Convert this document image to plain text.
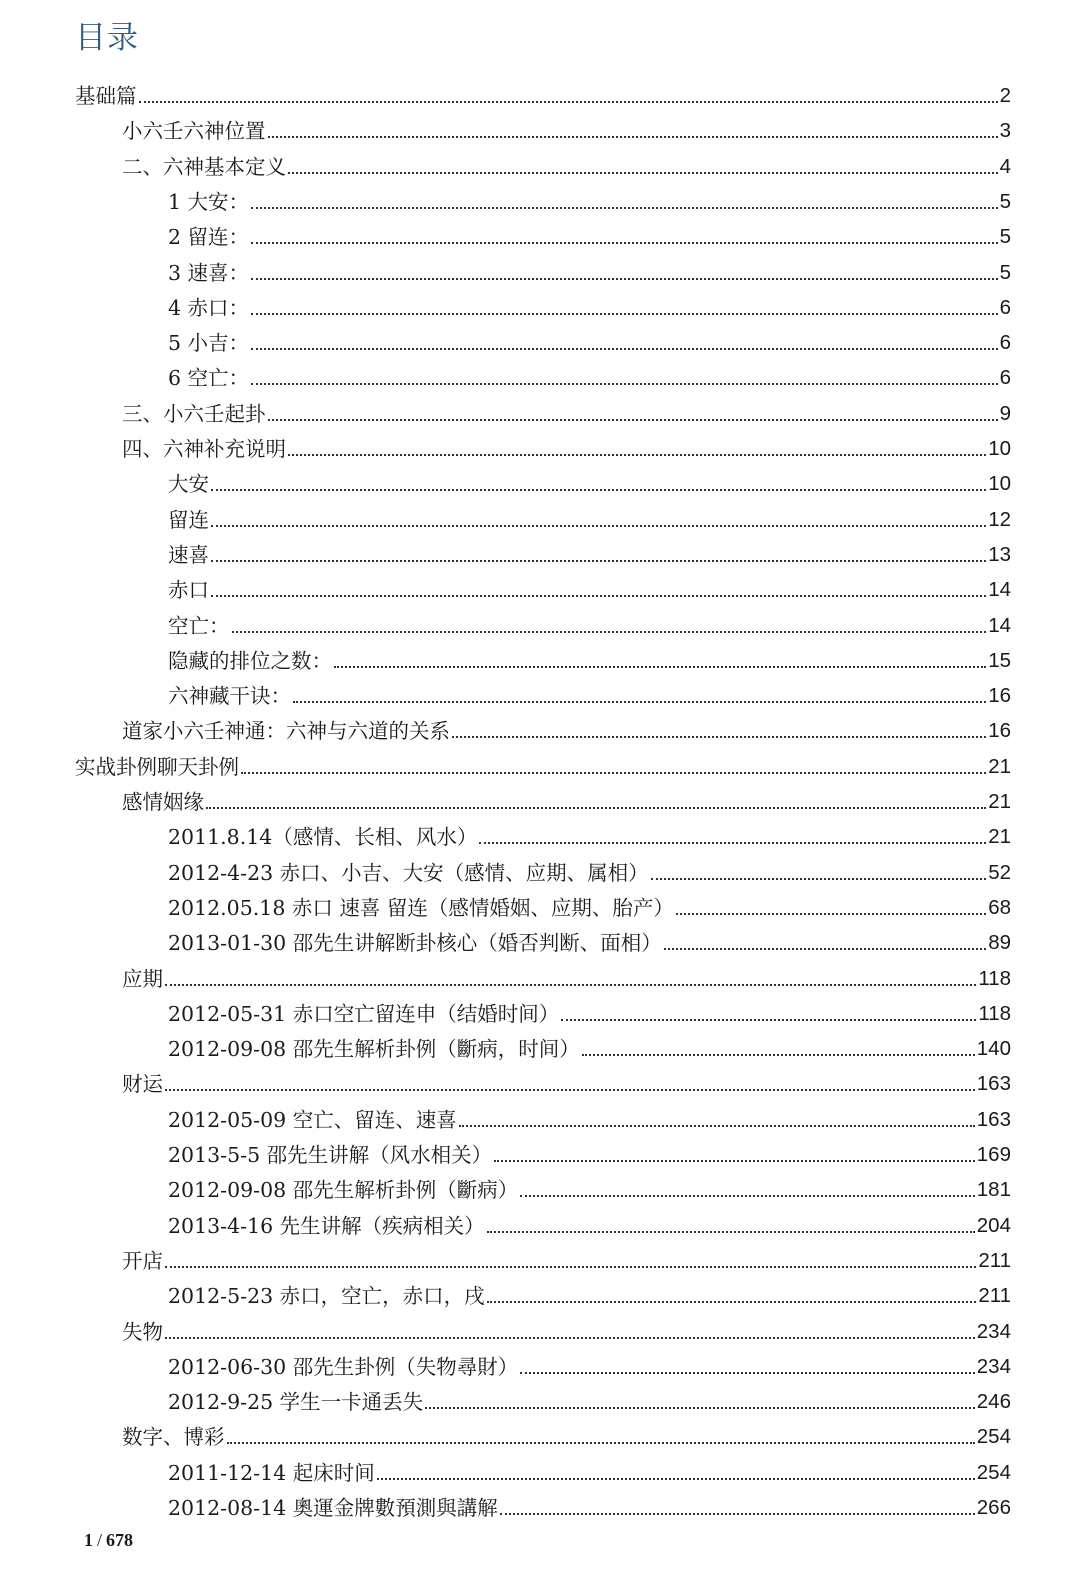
目录
基础篇	2
小六壬六神位置	3
二、六神基本定义	4
1 大安：	5
2 留连：	5
3 速喜：	5
4 赤口：	6
5 小吉：	6
6 空亡：	6
三、小六壬起卦	9
四、六神补充说明	10
大安	10
留连	12
速喜	13
赤口	14
空亡：	14
隐藏的排位之数：	15
六神藏干诀：	16
道家小六壬神通：六神与六道的关系	16
实战卦例聊天卦例	21
感情姻缘	21
2011.8.14（感情、长相、风水）	21
2012-4-23 赤口、小吉、大安（感情、应期、属相）	52
2012.05.18 赤口 速喜 留连（感情婚姻、应期、胎产）	68
2013-01-30 邵先生讲解断卦核心（婚否判断、面相）	89
应期	118
2012-05-31 赤口空亡留连申（结婚时间）	118
2012-09-08 邵先生解析卦例（斷病，时间）	140
财运	163
2012-05-09 空亡、留连、速喜	163
2013-5-5 邵先生讲解（风水相关）	169
2012-09-08 邵先生解析卦例（斷病）	181
2013-4-16 先生讲解（疾病相关）	204
开店	211
2012-5-23 赤口，空亡，赤口，戌	211
失物	234
2012-06-30 邵先生卦例（失物尋財）	234
2012-9-25 学生一卡通丢失	246
数字、博彩	254
2011-12-14 起床时间	254
2012-08-14 奧運金牌數預測與講解	266
1 / 678
